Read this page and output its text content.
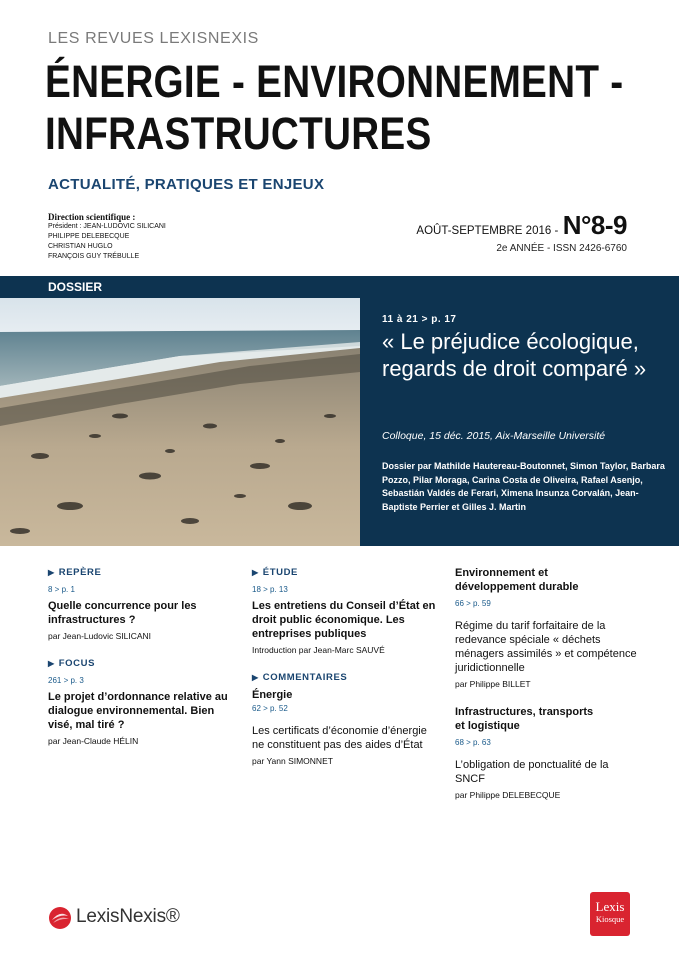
LES REVUES LEXISNEXIS
ÉNERGIE - ENVIRONNEMENT -
INFRASTRUCTURES
ACTUALITÉ, PRATIQUES ET ENJEUX
Direction scientifique :
Président : JEAN-LUDOVIC SILICANI
PHILIPPE DELEBECQUE
CHRISTIAN HUGLO
FRANÇOIS GUY TRÉBULLE
AOÛT-SEPTEMBRE 2016 - N°8-9
2e ANNÉE - ISSN 2426-6760
DOSSIER
11 à 21 > p. 17
« Le préjudice écologique, regards de droit comparé »
Colloque, 15 déc. 2015, Aix-Marseille Université
Dossier par Mathilde Hautereau-Boutonnet, Simon Taylor, Barbara Pozzo, Pilar Moraga, Carina Costa de Oliveira, Rafael Asenjo, Sebastián Valdés de Ferari, Ximena Insunza Corvalán, Jean-Baptiste Perrier et Gilles J. Martin
▶ REPÈRE
8 > p. 1
Quelle concurrence pour les infrastructures ?
par Jean-Ludovic SILICANI
▶ FOCUS
261 > p. 3
Le projet d’ordonnance relative au dialogue environnemental. Bien visé, mal tiré ?
par Jean-Claude HÉLIN
▶ ÉTUDE
18 > p. 13
Les entretiens du Conseil d’État en droit public économique. Les entreprises publiques
Introduction par Jean-Marc SAUVÉ
▶ COMMENTAIRES
Énergie
62 > p. 52
Les certificats d’économie d’énergie ne constituent pas des aides d’État
par Yann SIMONNET
Environnement et développement durable
66 > p. 59
Régime du tarif forfaitaire de la redevance spéciale « déchets ménagers assimilés » et compétence juridictionnelle
par Philippe BILLET
Infrastructures, transports et logistique
68 > p. 63
L’obligation de ponctualité de la SNCF
par Philippe DELEBECQUE
LexisNexis®	Lexis
Kiosque
